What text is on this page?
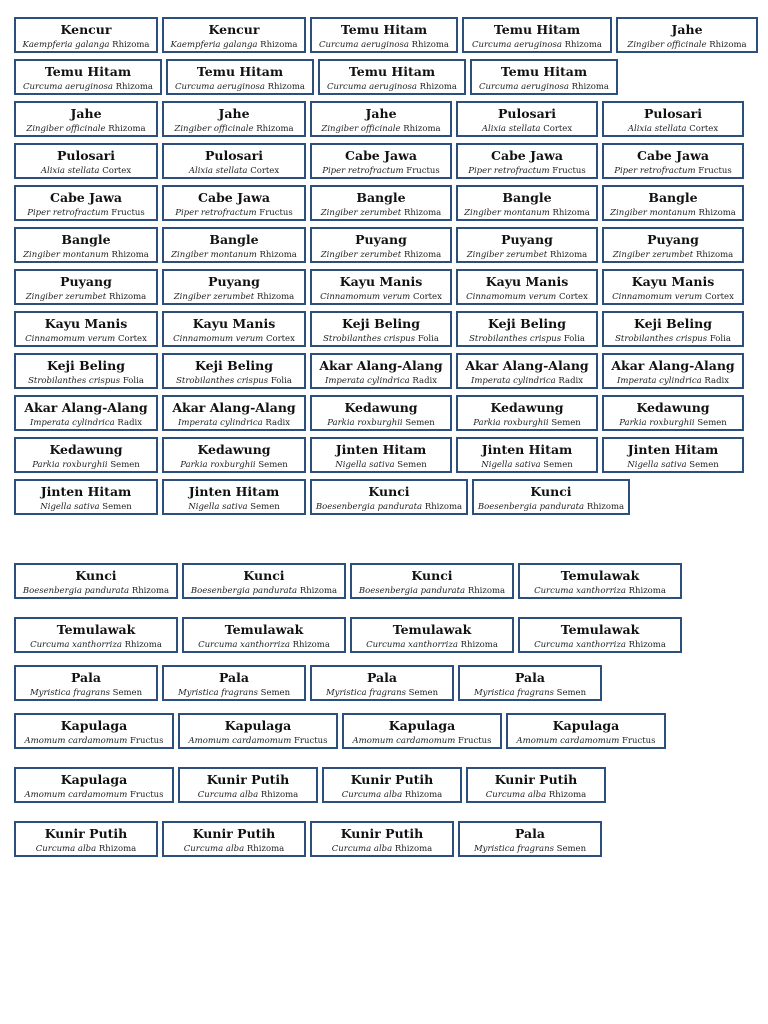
Kencur
Kaempferia galanga Rhizoma
Kencur
Kaempferia galanga Rhizoma
Temu Hitam
Curcuma aeruginosa Rhizoma
Temu Hitam
Curcuma aeruginosa Rhizoma
Jahe
Zingiber officinale Rhizoma
Temu Hitam
Curcuma aeruginosa Rhizoma
Temu Hitam
Curcuma aeruginosa Rhizoma
Temu Hitam
Curcuma aeruginosa Rhizoma
Temu Hitam
Curcuma aeruginosa Rhizoma
Jahe
Zingiber officinale Rhizoma
Jahe
Zingiber officinale Rhizoma
Jahe
Zingiber officinale Rhizoma
Pulosari
Alixia stellata Cortex
Pulosari
Alixia stellata Cortex
Pulosari
Alixia stellata Cortex
Pulosari
Alixia stellata Cortex
Cabe Jawa
Piper retrofractum Fructus
Cabe Jawa
Piper retrofractum Fructus
Cabe Jawa
Piper retrofractum Fructus
Cabe Jawa
Piper retrofractum Fructus
Cabe Jawa
Piper retrofractum Fructus
Bangle
Zingiber zerumbet Rhizoma
Bangle
Zingiber montanum Rhizoma
Bangle
Zingiber montanum Rhizoma
Bangle
Zingiber montanum Rhizoma
Bangle
Zingiber montanum Rhizoma
Puyang
Zingiber zerumbet Rhizoma
Puyang
Zingiber zerumbet Rhizoma
Puyang
Zingiber zerumbet Rhizoma
Puyang
Zingiber zerumbet Rhizoma
Puyang
Zingiber zerumbet Rhizoma
Kayu Manis
Cinnamomum verum Cortex
Kayu Manis
Cinnamomum verum Cortex
Kayu Manis
Cinnamomum verum Cortex
Kayu Manis
Cinnamomum verum Cortex
Kayu Manis
Cinnamomum verum Cortex
Keji Beling
Strobilanthes crispus Folia
Keji Beling
Strobilanthes crispus Folia
Keji Beling
Strobilanthes crispus Folia
Keji Beling
Strobilanthes crispus Folia
Keji Beling
Strobilanthes crispus Folia
Akar Alang-Alang
Imperata cylindrica Radix
Akar Alang-Alang
Imperata cylindrica Radix
Akar Alang-Alang
Imperata cylindrica Radix
Akar Alang-Alang
Imperata cylindrica Radix
Akar Alang-Alang
Imperata cylindrica Radix
Kedawung
Parkia roxburghii Semen
Kedawung
Parkia roxburghii Semen
Kedawung
Parkia roxburghii Semen
Kedawung
Parkia roxburghii Semen
Kedawung
Parkia roxburghii Semen
Jinten Hitam
Nigella sativa Semen
Jinten Hitam
Nigella sativa Semen
Jinten Hitam
Nigella sativa Semen
Jinten Hitam
Nigella sativa Semen
Jinten Hitam
Nigella sativa Semen
Kunci
Boesenbergia pandurata Rhizoma
Kunci
Boesenbergia pandurata Rhizoma
Kunci
Boesenbergia pandurata Rhizoma
Kunci
Boesenbergia pandurata Rhizoma
Kunci
Boesenbergia pandurata Rhizoma
Temulawak
Curcuma xanthorriza Rhizoma
Temulawak
Curcuma xanthorriza Rhizoma
Temulawak
Curcuma xanthorriza Rhizoma
Temulawak
Curcuma xanthorriza Rhizoma
Temulawak
Curcuma xanthorriza Rhizoma
Pala
Myristica fragrans Semen
Pala
Myristica fragrans Semen
Pala
Myristica fragrans Semen
Pala
Myristica fragrans Semen
Kapulaga
Amomum cardamomum Fructus
Kapulaga
Amomum cardamomum Fructus
Kapulaga
Amomum cardamomum Fructus
Kapulaga
Amomum cardamomum Fructus
Kapulaga
Amomum cardamomum Fructus
Kunir Putih
Curcuma alba Rhizoma
Kunir Putih
Curcuma alba Rhizoma
Kunir Putih
Curcuma alba Rhizoma
Kunir Putih
Curcuma alba Rhizoma
Kunir Putih
Curcuma alba Rhizoma
Kunir Putih
Curcuma alba Rhizoma
Pala
Myristica fragrans Semen
